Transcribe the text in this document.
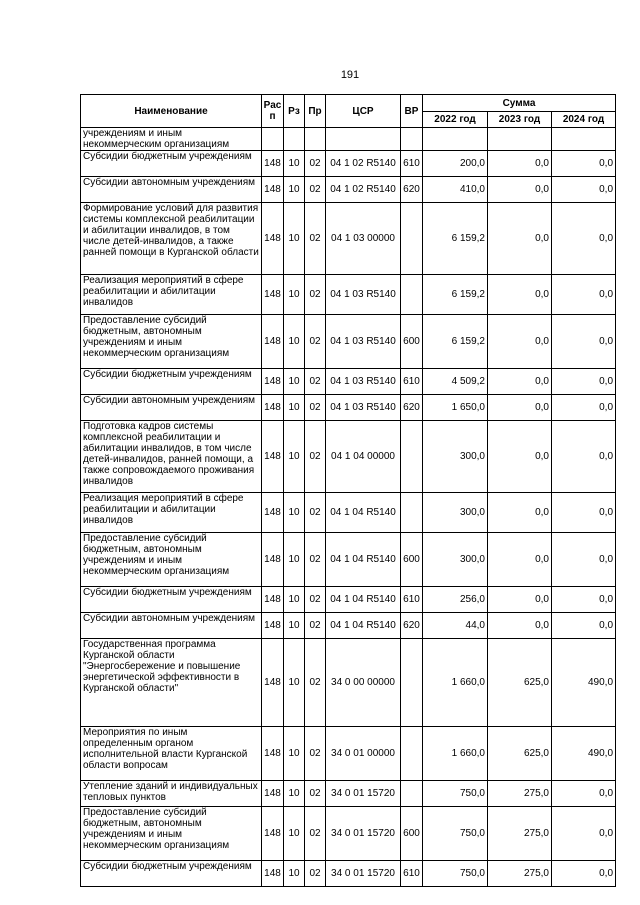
191
Наименование	Рас п	Рз	Пр	ЦСР	ВР	Сумма		
						2022 год	2023 год	2024 год
учреждениям и иным некоммерческим организациям								
Субсидии бюджетным учреждениям	148	10	02	04 1 02 R5140	610	200,0	0,0	0,0
Субсидии автономным учреждениям	148	10	02	04 1 02 R5140	620	410,0	0,0	0,0
Формирование условий для развития системы комплексной реабилитации и абилитации инвалидов, в том числе детей-инвалидов, а также ранней помощи в Курганской области	148	10	02	04 1 03 00000		6 159,2	0,0	0,0
Реализация мероприятий в сфере реабилитации и абилитации инвалидов	148	10	02	04 1 03 R5140		6 159,2	0,0	0,0
Предоставление субсидий бюджетным, автономным учреждениям и иным некоммерческим организациям	148	10	02	04 1 03 R5140	600	6 159,2	0,0	0,0
Субсидии бюджетным учреждениям	148	10	02	04 1 03 R5140	610	4 509,2	0,0	0,0
Субсидии автономным учреждениям	148	10	02	04 1 03 R5140	620	1 650,0	0,0	0,0
Подготовка кадров системы комплексной реабилитации и абилитации инвалидов, в том числе детей-инвалидов, ранней помощи, а также сопровождаемого проживания инвалидов	148	10	02	04 1 04 00000		300,0	0,0	0,0
Реализация мероприятий в сфере реабилитации и абилитации инвалидов	148	10	02	04 1 04 R5140		300,0	0,0	0,0
Предоставление субсидий бюджетным, автономным учреждениям и иным некоммерческим организациям	148	10	02	04 1 04 R5140	600	300,0	0,0	0,0
Субсидии бюджетным учреждениям	148	10	02	04 1 04 R5140	610	256,0	0,0	0,0
Субсидии автономным учреждениям	148	10	02	04 1 04 R5140	620	44,0	0,0	0,0
Государственная программа Курганской области "Энергосбережение и повышение энергетической эффективности в Курганской области"	148	10	02	34 0 00 00000		1 660,0	625,0	490,0
Мероприятия по иным определенным органом исполнительной власти Курганской области вопросам	148	10	02	34 0 01 00000		1 660,0	625,0	490,0
Утепление зданий и индивидуальных тепловых пунктов	148	10	02	34 0 01 15720		750,0	275,0	0,0
Предоставление субсидий бюджетным, автономным учреждениям и иным некоммерческим организациям	148	10	02	34 0 01 15720	600	750,0	275,0	0,0
Субсидии бюджетным учреждениям	148	10	02	34 0 01 15720	610	750,0	275,0	0,0
